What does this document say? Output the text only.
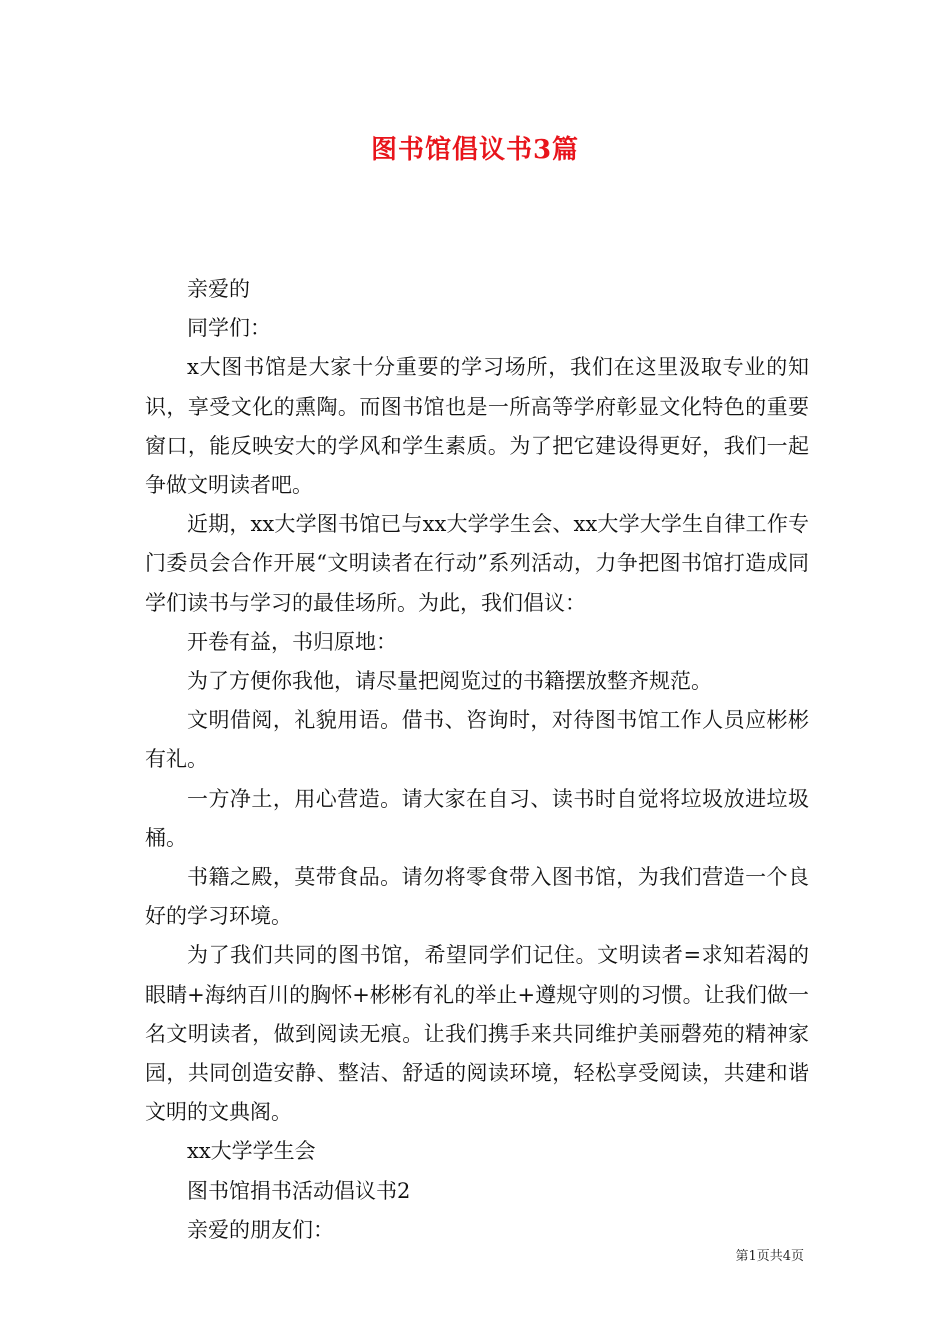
图书馆倡议书3篇

亲爱的

同学们：

x大图书馆是大家十分重要的学习场所，我们在这里汲取专业的知识，享受文化的熏陶。而图书馆也是一所高等学府彰显文化特色的重要窗口，能反映安大的学风和学生素质。为了把它建设得更好，我们一起争做文明读者吧。

近期，xx大学图书馆已与xx大学学生会、xx大学大学生自律工作专门委员会合作开展“文明读者在行动”系列活动，力争把图书馆打造成同学们读书与学习的最佳场所。为此，我们倡议：

开卷有益，书归原地：

为了方便你我他，请尽量把阅览过的书籍摆放整齐规范。

文明借阅，礼貌用语。借书、咨询时，对待图书馆工作人员应彬彬有礼。

一方净土，用心营造。请大家在自习、读书时自觉将垃圾放进垃圾桶。

书籍之殿，莫带食品。请勿将零食带入图书馆，为我们营造一个良好的学习环境。

为了我们共同的图书馆，希望同学们记住。文明读者=求知若渴的眼睛+海纳百川的胸怀+彬彬有礼的举止+遵规守则的习惯。让我们做一名文明读者，做到阅读无痕。让我们携手来共同维护美丽磬苑的精神家园，共同创造安静、整洁、舒适的阅读环境，轻松享受阅读，共建和谐文明的文典阁。

xx大学学生会

图书馆捐书活动倡议书2

亲爱的朋友们：

第1页共4页
